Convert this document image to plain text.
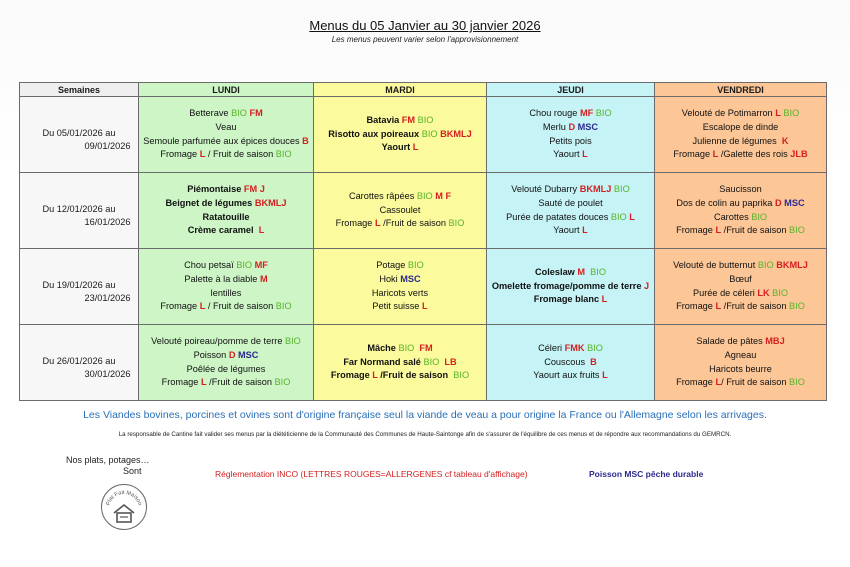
Menus du 05 Janvier au 30 janvier 2026
Les menus peuvent varier selon l'approvisionnement
Semaines	LUNDI	MARDI	JEUDI	VENDREDI

Du 05/01/2026 au
09/01/2026	Betterave BIO FM
Veau
Semoule parfumée aux épices douces B
Fromage L / Fruit de saison BIO	Batavia FM BIO
Risotto aux poireaux BIO BKMLJ
Yaourt L	Chou rouge MF BIO
Merlu D MSC
Petits pois
Yaourt L	Velouté de Potimarron L BIO
Escalope de dinde
Julienne de légumes  K
Fromage L /Galette des rois JLB

Du 12/01/2026 au
16/01/2026	Piémontaise FM J
Beignet de légumes BKMLJ
Ratatouille
Crème caramel  L	Carottes râpées BIO M F
Cassoulet
Fromage L /Fruit de saison BIO	Velouté Dubarry BKMLJ BIO
Sauté de poulet
Purée de patates douces BIO L
Yaourt L	Saucisson
Dos de colin au paprika D MSC
Carottes BIO
Fromage L /Fruit de saison BIO

Du 19/01/2026 au
23/01/2026	Chou petsaï BIO MF
Palette à la diable M
lentilles
Fromage L / Fruit de saison BIO	Potage BIO
Hoki MSC
Haricots verts
Petit suisse L	Coleslaw M  BIO
Omelette fromage/pomme de terre J
Fromage blanc L	Velouté de butternut BIO BKMLJ
Bœuf
Purée de céleri LK BIO
Fromage L /Fruit de saison BIO

Du 26/01/2026 au
30/01/2026	Velouté poireau/pomme de terre BIO
Poisson D MSC
Poêlée de légumes
Fromage L /Fruit de saison BIO	Mâche BIO  FM
Far Normand salé BIO  LB
Fromage L /Fruit de saison  BIO	Céleri FMK BIO
Couscous  B
Yaourt aux fruits L	Salade de pâtes MBJ
Agneau
Haricots beurre
Fromage L/ Fruit de saison BIO
Les Viandes bovines, porcines et ovines sont d'origine française seul la viande de veau a pour origine la France ou l'Allemagne selon les arrivages.
La responsable de Cantine fait valider ses menus par la diététicienne de la Communauté des Communes de Haute-Saintonge afin de s'assurer de l'équilibre de ces menus et de répondre aux recommandations du GEMRCN.
Nos plats, potages…
Sont	Réglementation INCO (LETTRES ROUGES=ALLERGENES cf tableau d'affichage)	Poisson MSC pêche durable
Plat Fait Maison
